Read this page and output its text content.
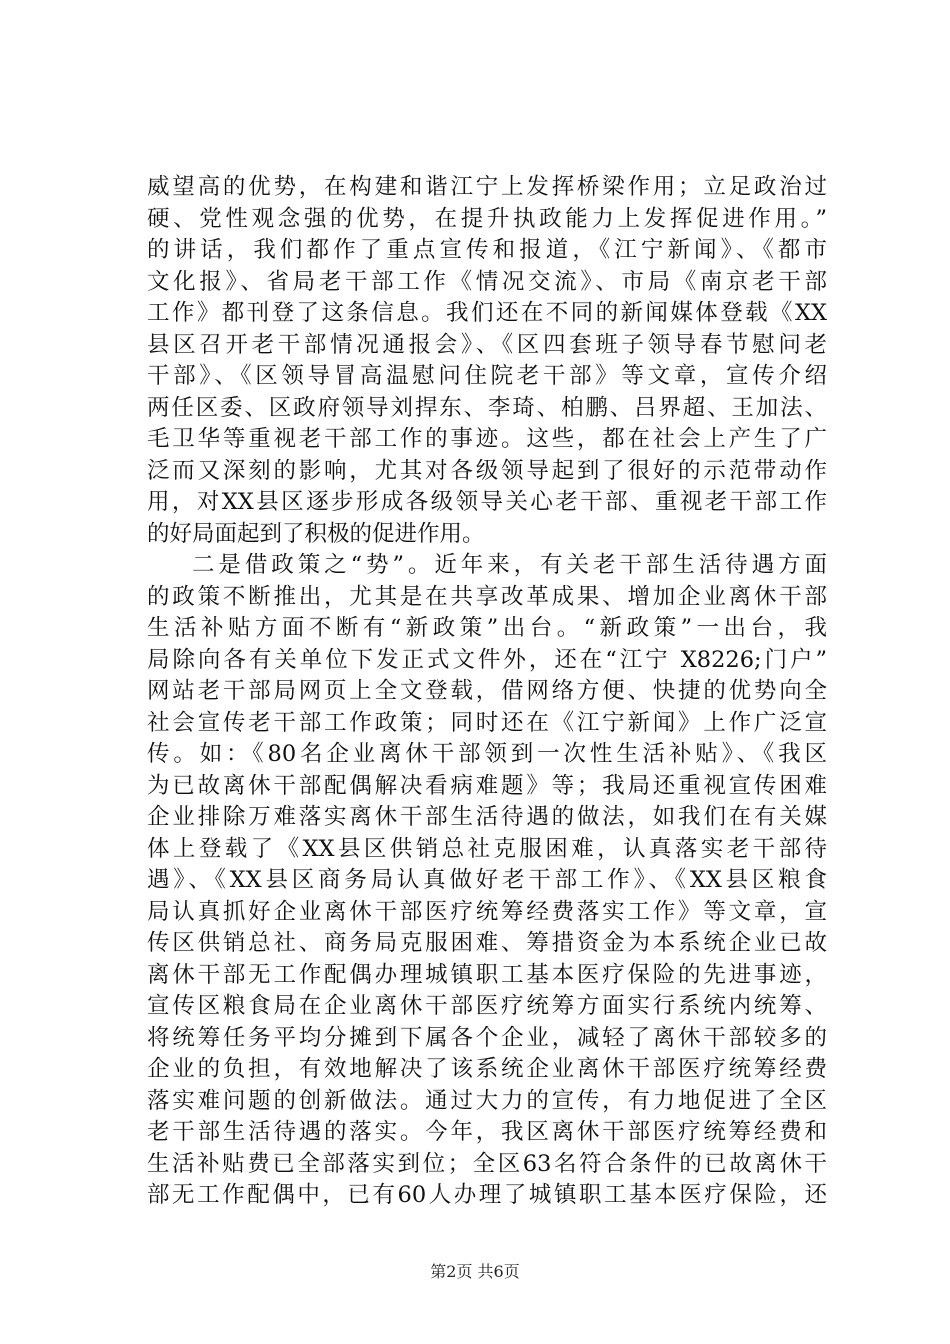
威望高的优势，在构建和谐江宁上发挥桥梁作用；立足政治过
硬、党性观念强的优势，在提升执政能力上发挥促进作用。”
的讲话，我们都作了重点宣传和报道，《江宁新闻》、《都市
文化报》、省局老干部工作《情况交流》、市局《南京老干部
工作》都刊登了这条信息。我们还在不同的新闻媒体登载《XX
县区召开老干部情况通报会》、《区四套班子领导春节慰问老
干部》、《区领导冒高温慰问住院老干部》等文章，宣传介绍
两任区委、区政府领导刘捍东、李琦、柏鹏、吕界超、王加法、
毛卫华等重视老干部工作的事迹。这些，都在社会上产生了广
泛而又深刻的影响，尤其对各级领导起到了很好的示范带动作
用，对XX县区逐步形成各级领导关心老干部、重视老干部工作
的好局面起到了积极的促进作用。
二是借政策之“势”。近年来，有关老干部生活待遇方面
的政策不断推出，尤其是在共享改革成果、增加企业离休干部
生活补贴方面不断有“新政策”出台。“新政策”一出台，我
局除向各有关单位下发正式文件外，还在“江宁 X8226;门户”
网站老干部局网页上全文登载，借网络方便、快捷的优势向全
社会宣传老干部工作政策；同时还在《江宁新闻》上作广泛宣
传。如：《80名企业离休干部领到一次性生活补贴》、《我区
为已故离休干部配偶解决看病难题》等；我局还重视宣传困难
企业排除万难落实离休干部生活待遇的做法，如我们在有关媒
体上登载了《XX县区供销总社克服困难，认真落实老干部待
遇》、《XX县区商务局认真做好老干部工作》、《XX县区粮食
局认真抓好企业离休干部医疗统筹经费落实工作》等文章，宣
传区供销总社、商务局克服困难、筹措资金为本系统企业已故
离休干部无工作配偶办理城镇职工基本医疗保险的先进事迹，
宣传区粮食局在企业离休干部医疗统筹方面实行系统内统筹、
将统筹任务平均分摊到下属各个企业，减轻了离休干部较多的
企业的负担，有效地解决了该系统企业离休干部医疗统筹经费
落实难问题的创新做法。通过大力的宣传，有力地促进了全区
老干部生活待遇的落实。今年，我区离休干部医疗统筹经费和
生活补贴费已全部落实到位；全区63名符合条件的已故离休干
部无工作配偶中，已有60人办理了城镇职工基本医疗保险，还
第2页 共6页
